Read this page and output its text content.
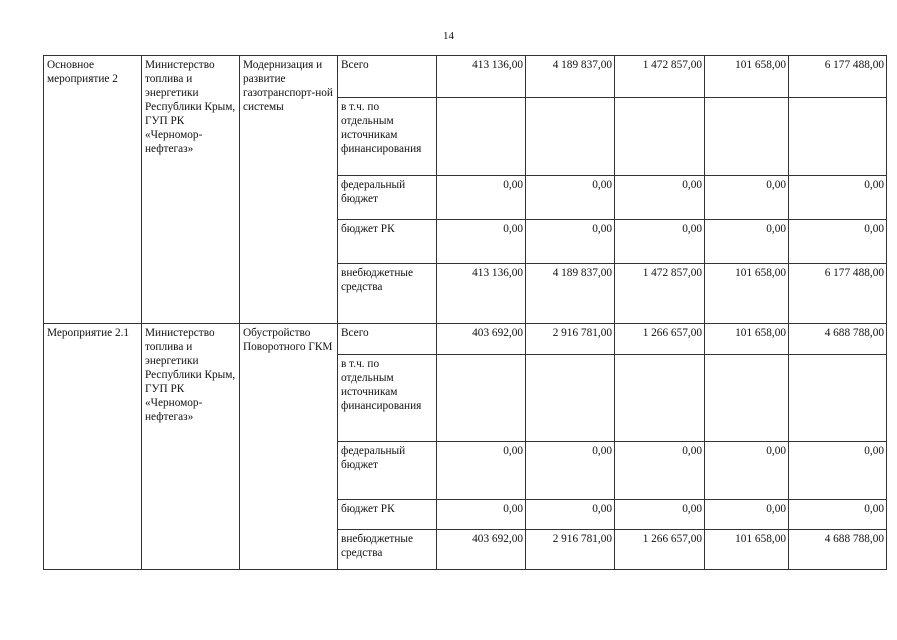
14
Основное мероприятие 2	Министерство топлива и энергетики Республики Крым, ГУП РК «Черномор-нефтегаз»	Модернизация и развитие газотранспорт-ной системы	Всего	413 136,00	4 189 837,00	1 472 857,00	101 658,00	6 177 488,00
			в т.ч. по отдельным источникам финансирования					
			федеральный бюджет	0,00	0,00	0,00	0,00	0,00
			бюджет РК	0,00	0,00	0,00	0,00	0,00
			внебюджетные средства	413 136,00	4 189 837,00	1 472 857,00	101 658,00	6 177 488,00
Мероприятие 2.1	Министерство топлива и энергетики Республики Крым, ГУП РК «Черномор-нефтегаз»	Обустройство Поворотного ГКМ	Всего	403 692,00	2 916 781,00	1 266 657,00	101 658,00	4 688 788,00
			в т.ч. по отдельным источникам финансирования					
			федеральный бюджет	0,00	0,00	0,00	0,00	0,00
			бюджет РК	0,00	0,00	0,00	0,00	0,00
			внебюджетные средства	403 692,00	2 916 781,00	1 266 657,00	101 658,00	4 688 788,00
